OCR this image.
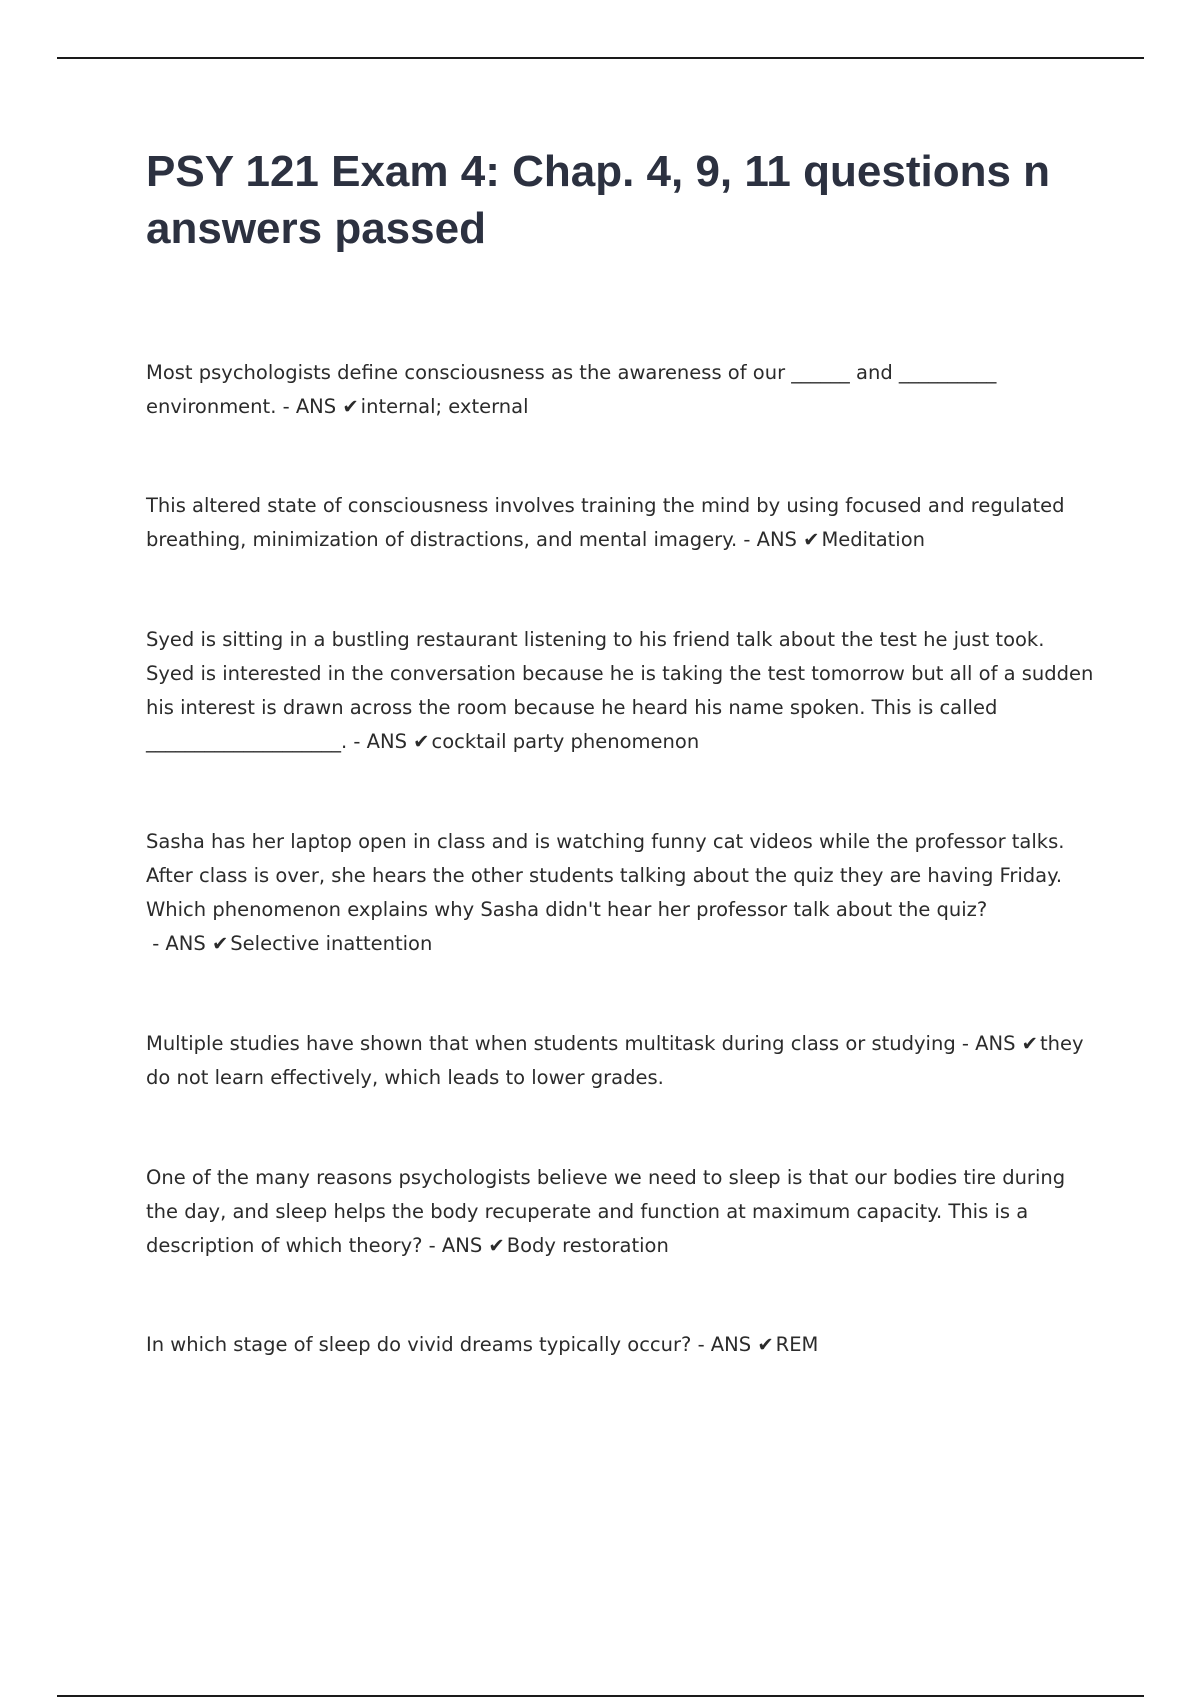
PSY 121 Exam 4: Chap. 4, 9, 11 questions n answers passed

Most psychologists define consciousness as the awareness of our ______ and __________ environment. - ANS ✔ internal; external

This altered state of consciousness involves training the mind by using focused and regulated breathing, minimization of distractions, and mental imagery. - ANS ✔ Meditation

Syed is sitting in a bustling restaurant listening to his friend talk about the test he just took. Syed is interested in the conversation because he is taking the test tomorrow but all of a sudden his interest is drawn across the room because he heard his name spoken. This is called ____________________. - ANS ✔ cocktail party phenomenon

Sasha has her laptop open in class and is watching funny cat videos while the professor talks. After class is over, she hears the other students talking about the quiz they are having Friday. Which phenomenon explains why Sasha didn't hear her professor talk about the quiz? - ANS ✔ Selective inattention

Multiple studies have shown that when students multitask during class or studying - ANS ✔ they do not learn effectively, which leads to lower grades.

One of the many reasons psychologists believe we need to sleep is that our bodies tire during the day, and sleep helps the body recuperate and function at maximum capacity. This is a description of which theory? - ANS ✔ Body restoration

In which stage of sleep do vivid dreams typically occur? - ANS ✔ REM
